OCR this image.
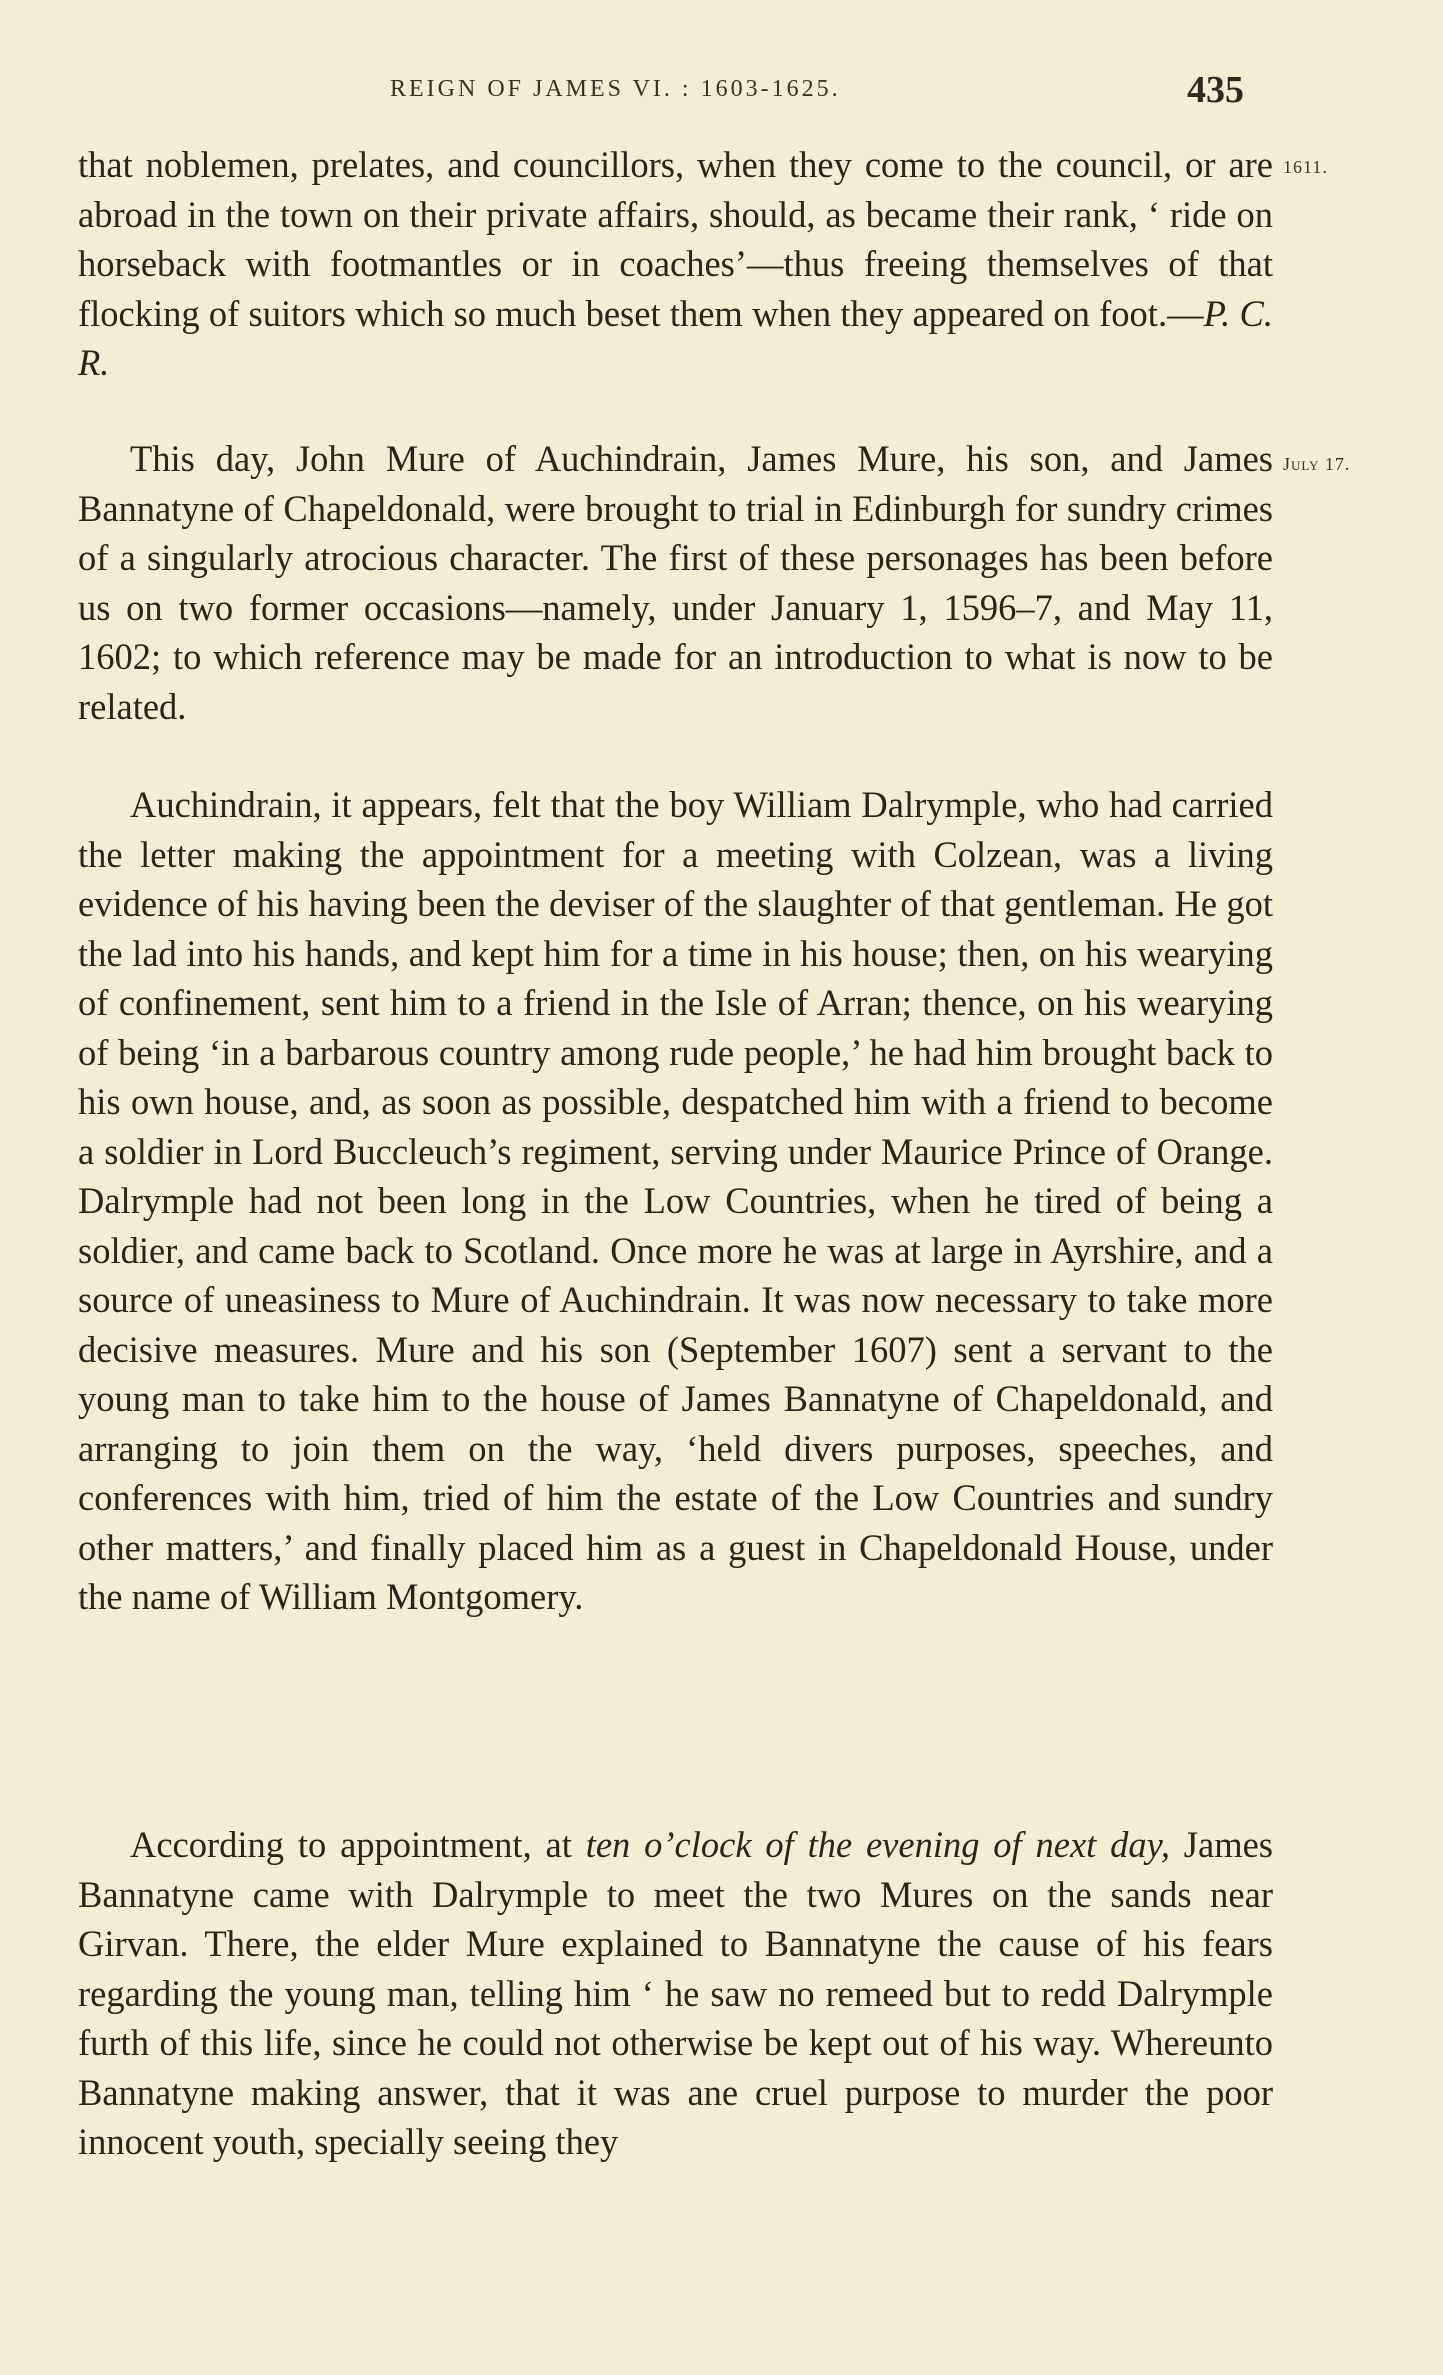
REIGN OF JAMES VI. : 1603-1625.	435
1611.
July 17.

that noblemen, prelates, and councillors, when they come to the council, or are abroad in the town on their private affairs, should, as became their rank, ‘ ride on horseback with footmantles or in coaches’—thus freeing themselves of that flocking of suitors which so much beset them when they appeared on foot.—P. C. R.

This day, John Mure of Auchindrain, James Mure, his son, and James Bannatyne of Chapeldonald, were brought to trial in Edinburgh for sundry crimes of a singularly atrocious character. The first of these personages has been before us on two former occasions—namely, under January 1, 1596–7, and May 11, 1602; to which reference may be made for an introduction to what is now to be related.

Auchindrain, it appears, felt that the boy William Dalrymple, who had carried the letter making the appointment for a meeting with Colzean, was a living evidence of his having been the deviser of the slaughter of that gentleman. He got the lad into his hands, and kept him for a time in his house; then, on his wearying of confinement, sent him to a friend in the Isle of Arran; thence, on his wearying of being ‘in a barbarous country among rude people,’ he had him brought back to his own house, and, as soon as possible, despatched him with a friend to become a soldier in Lord Buccleuch’s regiment, serving under Maurice Prince of Orange. Dalrymple had not been long in the Low Countries, when he tired of being a soldier, and came back to Scotland. Once more he was at large in Ayrshire, and a source of uneasiness to Mure of Auchindrain. It was now necessary to take more decisive measures. Mure and his son (September 1607) sent a servant to the young man to take him to the house of James Bannatyne of Chapeldonald, and arranging to join them on the way, ‘held divers purposes, speeches, and conferences with him, tried of him the estate of the Low Countries and sundry other matters,’ and finally placed him as a guest in Chapeldonald House, under the name of William Montgomery.

According to appointment, at ten o’clock of the evening of next day, James Bannatyne came with Dalrymple to meet the two Mures on the sands near Girvan. There, the elder Mure explained to Bannatyne the cause of his fears regarding the young man, telling him ‘ he saw no remeed but to redd Dalrymple furth of this life, since he could not otherwise be kept out of his way. Whereunto Bannatyne making answer, that it was ane cruel purpose to murder the poor innocent youth, specially seeing they
